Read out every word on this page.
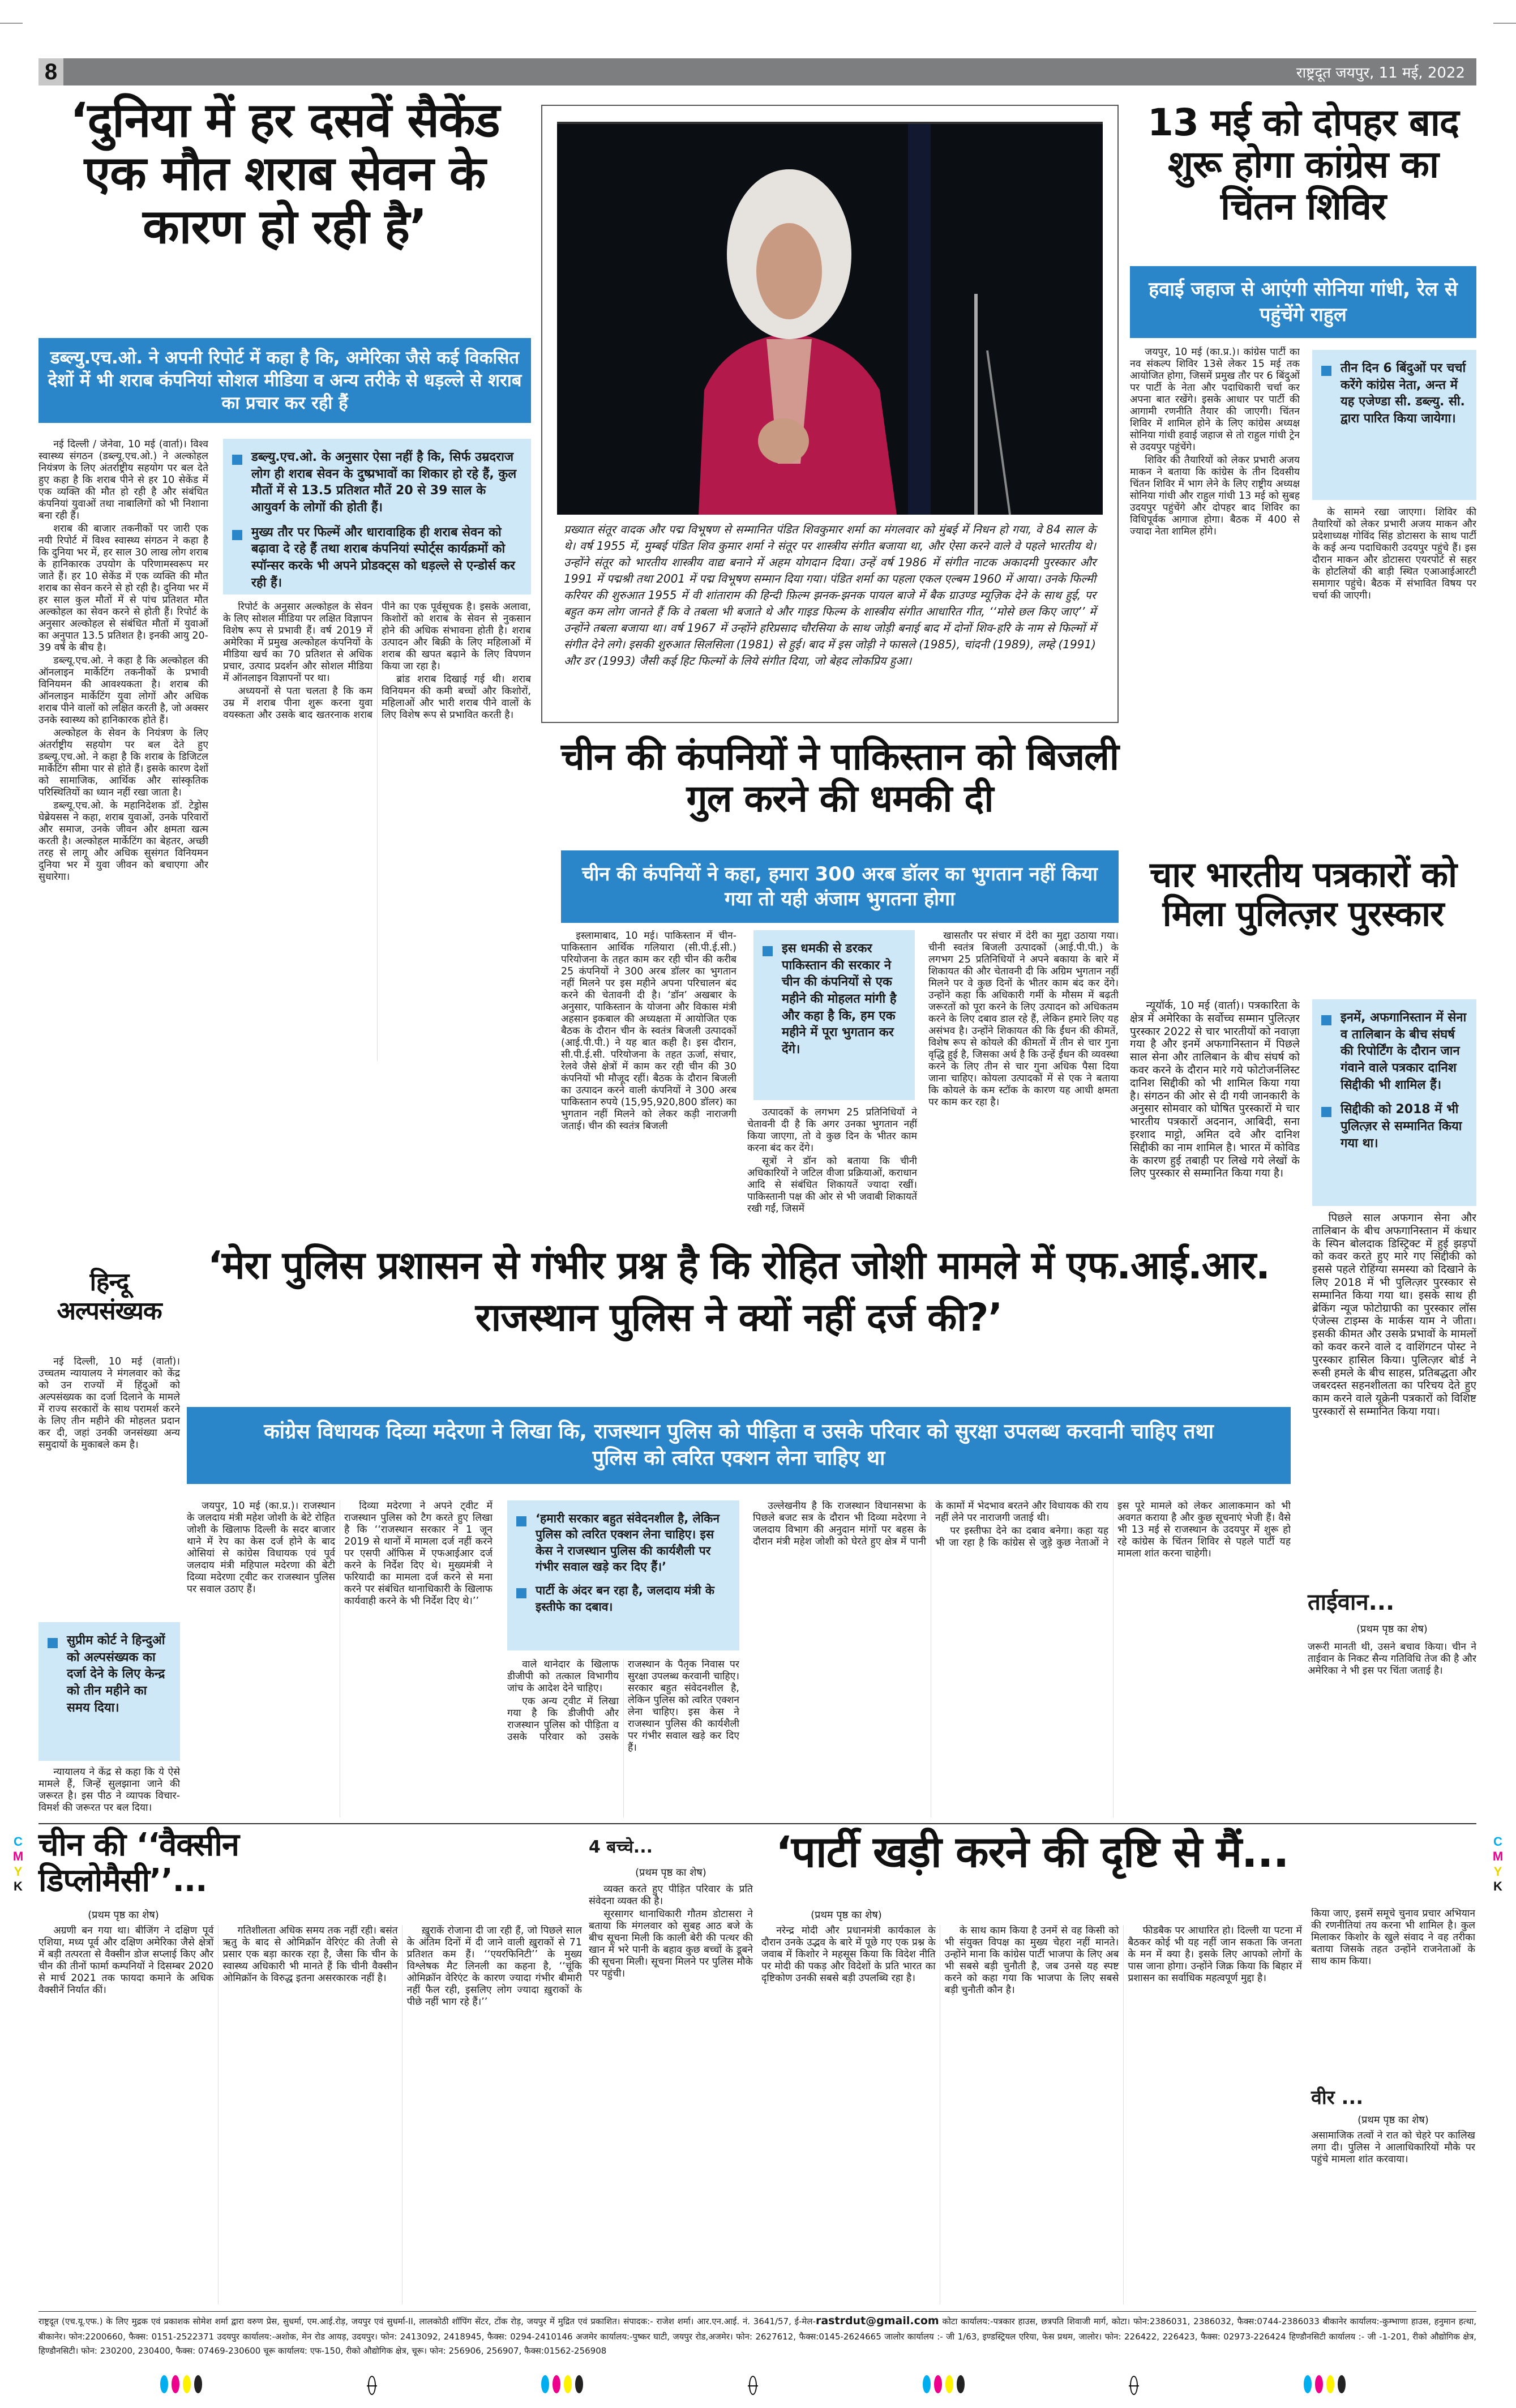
8	राष्ट्रदूत जयपुर, 11 मई, 2022
‘दुनिया में हर दसवें सैकेंड एक मौत शराब सेवन के कारण हो रही है’
डब्ल्यु.एच.ओ. ने अपनी रिपोर्ट में कहा है कि, अमेरिका जैसे कई विकसित देशों में भी शराब कंपनियां सोशल मीडिया व अन्य तरीके से धड़ल्ले से शराब का प्रचार कर रही हैं

नई दिल्ली / जेनेवा, 10 मई (वार्ता)। विश्व स्वास्थ्य संगठन (डब्ल्यू.एच.ओ.) ने अल्कोहल नियंत्रण के लिए अंतर्राष्ट्रीय सहयोग पर बल देते हुए कहा है कि शराब पीने से हर 10 सेकेंड में एक व्यक्ति की मौत हो रही है और संबंधित कंपनियां युवाओं तथा नाबालिगों को भी निशाना बना रही हैं।

शराब की बाजार तकनीकों पर जारी एक नयी रिपोर्ट में विश्व स्वास्थ्य संगठन ने कहा है कि दुनिया भर में, हर साल 30 लाख लोग शराब के हानिकारक उपयोग के परिणामस्वरूप मर जाते हैं। हर 10 सेकेंड में एक व्यक्ति की मौत शराब का सेवन करने से हो रही है। दुनिया भर में हर साल कुल मौतों में से पांच प्रतिशत मौत अल्कोहल का सेवन करने से होती हैं। रिपोर्ट के अनुसार अल्कोहल से संबंधित मौतों में युवाओं का अनुपात 13.5 प्रतिशत है। इनकी आयु 20-39 वर्ष के बीच है।

डब्ल्यू.एच.ओ. ने कहा है कि अल्कोहल की ऑनलाइन मार्केटिंग तकनीकों के प्रभावी विनियमन की आवश्यकता है। शराब की ऑनलाइन मार्केटिंग युवा लोगों और अधिक शराब पीने वालों को लक्षित करती है, जो अक्सर उनके स्वास्थ्य को हानिकारक होते हैं।

अल्कोहल के सेवन के नियंत्रण के लिए अंतर्राष्ट्रीय सहयोग पर बल देते हुए डब्ल्यू.एच.ओ. ने कहा है कि शराब के डिजिटल मार्केटिंग सीमा पार से होते हैं। इसके कारण देशों को सामाजिक, आर्थिक और सांस्कृतिक परिस्थितियों का ध्यान नहीं रखा जाता है।

डब्ल्यू.एच.ओ. के महानिदेशक डॉ. टेड्रोस घेब्रेयसस ने कहा, शराब युवाओं, उनके परिवारों और समाज, उनके जीवन और क्षमता खत्म करती है। अल्कोहल मार्केटिंग का बेहतर, अच्छी तरह से लागू और अधिक सुसंगत विनियमन दुनिया भर में युवा जीवन को बचाएगा और सुधारेगा।

डब्ल्यु.एच.ओ. के अनुसार ऐसा नहीं है कि, सिर्फ उम्रदराज लोग ही शराब सेवन के दुष्प्रभावों का शिकार हो रहे हैं, कुल मौतों में से 13.5 प्रतिशत मौतें 20 से 39 साल के आयुवर्ग के लोगों की होती हैं।
मुख्य तौर पर फिल्में और धारावाहिक ही शराब सेवन को बढ़ावा दे रहे हैं तथा शराब कंपनियां स्पोर्ट्स कार्यक्रमों को स्पॉन्सर करके भी अपने प्रोडक्ट्स को धड़ल्ले से एन्डोर्स कर रही हैं।

रिपोर्ट के अनुसार अल्कोहल के सेवन के लिए सोशल मीडिया पर लक्षित विज्ञापन विशेष रूप से प्रभावी हैं। वर्ष 2019 में अमेरिका में प्रमुख अल्कोहल कंपनियों के मीडिया खर्च का 70 प्रतिशत से अधिक प्रचार, उत्पाद प्रदर्शन और सोशल मीडिया में ऑनलाइन विज्ञापनों पर था।

अध्ययनों से पता चलता है कि कम उम्र में शराब पीना शुरू करना युवा वयस्कता और उसके बाद खतरनाक शराब पीने का एक पूर्वसूचक है। इसके अलावा, किशोरों को शराब के सेवन से नुकसान होने की अधिक संभावना होती है। शराब उत्पादन और बिक्री के लिए महिलाओं में शराब की खपत बढ़ाने के लिए विपणन किया जा रहा है।

ब्रांड शराब दिखाई गई थी। शराब विनियमन की कमी बच्चों और किशोरों, महिलाओं और भारी शराब पीने वालों के लिए विशेष रूप से प्रभावित करती है।

प्रख्यात संतूर वादक और पद्म विभूषण से सम्मानित पंडित शिवकुमार शर्मा का मंगलवार को मुंबई में निधन हो गया, वे 84 साल के थे। वर्ष 1955 में, मुम्बई पंडित शिव कुमार शर्मा ने संतूर पर शास्त्रीय संगीत बजाया था, और ऐसा करने वाले वे पहले भारतीय थे। उन्होंने संतूर को भारतीय शास्त्रीय वाद्य बनाने में अहम योगदान दिया। उन्हें वर्ष 1986 में संगीत नाटक अकादमी पुरस्कार और 1991 में पद्मश्री तथा 2001 में पद्म विभूषण सम्मान दिया गया। पंडित शर्मा का पहला एकल एल्बम 1960 में आया। उनके फिल्मी करियर की शुरुआत 1955 में वी शांताराम की हिन्दी फ़िल्म झनक-झनक पायल बाजे में बैक ग्राउण्ड म्यूज़िक देने के साथ हुई, पर बहुत कम लोग जानते हैं कि वे तबला भी बजाते थे और गाइड फिल्म के शास्त्रीय संगीत आधारित गीत, ‘‘मोसे छल किए जाए’’ में उन्होंने तबला बजाया था। वर्ष 1967 में उन्होंने हरिप्रसाद चौरसिया के साथ जोड़ी बनाई बाद में दोनों शिव-हरि के नाम से फिल्मों में संगीत देने लगे। इसकी शुरुआत सिलसिला (1981) से हुई। बाद में इस जोड़ी ने फासले (1985), चांदनी (1989), लम्हे (1991) और डर (1993) जैसी कई हिट फिल्मों के लिये संगीत दिया, जो बेहद लोकप्रिय हुआ।
13 मई को दोपहर बाद शुरू होगा कांग्रेस का चिंतन शिविर
हवाई जहाज से आएंगी सोनिया गांधी, रेल से पहुंचेंगे राहुल

जयपुर, 10 मई (का.प्र.)। कांग्रेस पार्टी का नव संकल्प शिविर 13से लेकर 15 मई तक आयोजित होगा, जिसमें प्रमुख तौर पर 6 बिंदुओं पर पार्टी के नेता और पदाधिकारी चर्चा कर अपना बात रखेंगे। इसके आधार पर पार्टी की आगामी रणनीति तैयार की जाएगी। चिंतन शिविर में शामिल होने के लिए कांग्रेस अध्यक्ष सोनिया गांधी हवाई जहाज से तो राहुल गांधी ट्रेन से उदयपुर पहुंचेंगे।

शिविर की तैयारियों को लेकर प्रभारी अजय माकन ने बताया कि कांग्रेस के तीन दिवसीय चिंतन शिविर में भाग लेने के लिए राष्ट्रीय अध्यक्ष सोनिया गांधी और राहुल गांधी 13 मई को सुबह उदयपुर पहुंचेंगे और दोपहर बाद शिविर का विधिपूर्वक आगाज होगा। बैठक में 400 से ज्यादा नेता शामिल होंगे।

तीन दिन 6 बिंदुओं पर चर्चा करेंगे कांग्रेस नेता, अन्त में यह एजेण्डा सी. डब्ल्यु. सी. द्वारा पारित किया जायेगा।

के सामने रखा जाएगा। शिविर की तैयारियों को लेकर प्रभारी अजय माकन और प्रदेशाध्यक्ष गोविंद सिंह डोटासरा के साथ पार्टी के कई अन्य पदाधिकारी उदयपुर पहुंचे हैं। इस दौरान माकन और डोटासरा एयरपोर्ट से सहर के होटलियों की बाड़ी स्थित एआआईआरटी समागार पहुंचे। बैठक में संभावित विषय पर चर्चा की जाएगी।

चीन की कंपनियों ने पाकिस्तान को बिजली गुल करने की धमकी दी
चीन की कंपनियों ने कहा, हमारा 300 अरब डॉलर का भुगतान नहीं किया गया तो यही अंजाम भुगतना होगा

इस्लामाबाद, 10 मई। पाकिस्तान में चीन-पाकिस्तान आर्थिक गलियारा (सी.पी.ई.सी.) परियोजना के तहत काम कर रही चीन की करीब 25 कंपनियों ने 300 अरब डॉलर का भुगतान नहीं मिलने पर इस महीने अपना परिचालन बंद करने की चेतावनी दी है। ‘डॉन’ अखबार के अनुसार, पाकिस्तान के योजना और विकास मंत्री अहसान इकबाल की अध्यक्षता में आयोजित एक बैठक के दौरान चीन के स्वतंत्र बिजली उत्पादकों (आई.पी.पी.) ने यह बात कही है। इस दौरान, सी.पी.ई.सी. परियोजना के तहत ऊर्जा, संचार, रेलवे जैसे क्षेत्रों में काम कर रही चीन की 30 कंपनियों भी मौजूद रहीं। बैठक के दौरान बिजली का उत्पादन करने वाली कंपनियों ने 300 अरब पाकिस्तान रुपये (15,95,920,800 डॉलर) का भुगतान नहीं मिलने को लेकर कड़ी नाराजगी जताई। चीन की स्वतंत्र बिजली

इस धमकी से डरकर पाकिस्तान की सरकार ने चीन की कंपनियों से एक महीने की मोहलत मांगी है और कहा है कि, हम एक महीने में पूरा भुगतान कर देंगे।

उत्पादकों के लगभग 25 प्रतिनिधियों ने चेतावनी दी है कि अगर उनका भुगतान नहीं किया जाएगा, तो वे कुछ दिन के भीतर काम करना बंद कर देंगे।

सूत्रों ने डॉन को बताया कि चीनी अधिकारियों ने जटिल वीजा प्रक्रियाओं, कराधान आदि से संबंधित शिकायतें ज्यादा रखीं। पाकिस्तानी पक्ष की ओर से भी जवाबी शिकायतें रखी गईं, जिसमें

खासतौर पर संचार में देरी का मुद्दा उठाया गया। चीनी स्वतंत्र बिजली उत्पादकों (आई.पी.पी.) के लगभग 25 प्रतिनिधियों ने अपने बकाया के बारे में शिकायत की और चेतावनी दी कि अग्रिम भुगतान नहीं मिलने पर वे कुछ दिनों के भीतर काम बंद कर देंगे। उन्होंने कहा कि अधिकारी गर्मी के मौसम में बढ़ती जरूरतों को पूरा करने के लिए उत्पादन को अधिकतम करने के लिए दबाव डाल रहे हैं, लेकिन हमारे लिए यह असंभव है। उन्होंने शिकायत की कि ईंधन की कीमतें, विशेष रूप से कोयले की कीमतों में तीन से चार गुना वृद्धि हुई है, जिसका अर्थ है कि उन्हें ईंधन की व्यवस्था करने के लिए तीन से चार गुना अधिक पैसा दिया जाना चाहिए। कोयला उत्पादकों में से एक ने बताया कि कोयले के कम स्टॉक के कारण यह आधी क्षमता पर काम कर रहा है।

चार भारतीय पत्रकारों को मिला पुलित्ज़र पुरस्कार

न्यूयॉर्क, 10 मई (वार्ता)। पत्रकारिता के क्षेत्र में अमेरिका के सर्वोच्च सम्मान पुलित्ज़र पुरस्कार 2022 से चार भारतीयों को नवाज़ा गया है और इनमें अफगानिस्तान में पिछले साल सेना और तालिबान के बीच संघर्ष को कवर करने के दौरान मारे गये फोटोजर्नलिस्ट दानिश सिद्दीकी को भी शामिल किया गया है। संगठन की ओर से दी गयी जानकारी के अनुसार सोमवार को घोषित पुरस्कारों मे चार भारतीय पत्रकारों अदनान, आबिदी, सना इरशाद माट्टो, अमित दवे और दानिश सिद्दीकी का नाम शामिल है। भारत में कोविड के कारण हुई तबाही पर लिखे गये लेखों के लिए पुरस्कार से सम्मानित किया गया है।

इनमें, अफगानिस्तान में सेना व तालिबान के बीच संघर्ष की रिपोर्टिंग के दौरान जान गंवाने वाले पत्रकार दानिश सिद्दीकी भी शामिल हैं।
सिद्दीकी को 2018 में भी पुलित्ज़र से सम्मानित किया गया था।

पिछले साल अफगान सेना और तालिबान के बीच अफगानिस्तान में कंधार के स्पिन बोलदाक डिस्ट्रिक्ट में हुई झड़पों को कवर करते हुए मारे गए सिद्दीकी को इससे पहले रोहिंग्या समस्या को दिखाने के लिए 2018 में भी पुलित्ज़र पुरस्कार से सम्मानित किया गया था। इसके साथ ही ब्रेकिंग न्यूज फोटोग्राफी का पुरस्कार लॉस एंजेल्स टाइम्स के मार्कस याम ने जीता। इसकी कीमत और उसके प्रभावों के मामलों को कवर करने वाले द वाशिंगटन पोस्ट ने पुरस्कार हासिल किया। पुलित्ज़र बोर्ड ने रूसी हमले के बीच साहस, प्रतिबद्धता और जबरदस्त सहनशीलता का परिचय देते हुए काम करने वाले यूक्रेनी पत्रकारों को विशिष्ट पुरस्कारों से सम्मानित किया गया।

हिन्दू अल्पसंख्यक

नई दिल्ली, 10 मई (वार्ता)। उच्चतम न्यायालय ने मंगलवार को केंद्र को उन राज्यों में हिंदुओं को अल्पसंख्यक का दर्जा दिलाने के मामले में राज्य सरकारों के साथ परामर्श करने के लिए तीन महीने की मोहलत प्रदान कर दी, जहां उनकी जनसंख्या अन्य समुदायों के मुकाबले कम है।

सुप्रीम कोर्ट ने हिन्दुओं को अल्पसंख्यक का दर्जा देने के लिए केन्द्र को तीन महीने का समय दिया।

न्यायालय ने केंद्र से कहा कि ये ऐसे मामले हैं, जिन्हें सुलझाना जाने की जरूरत है। इस पीठ ने व्यापक विचार-विमर्श की जरूरत पर बल दिया।

‘मेरा पुलिस प्रशासन से गंभीर प्रश्न है कि रोहित जोशी मामले में एफ.आई.आर. राजस्थान पुलिस ने क्यों नहीं दर्ज की?’
कांग्रेस विधायक दिव्या मदेरणा ने लिखा कि, राजस्थान पुलिस को पीड़िता व उसके परिवार को सुरक्षा उपलब्ध करवानी चाहिए तथा पुलिस को त्वरित एक्शन लेना चाहिए था

जयपुर, 10 मई (का.प्र.)। राजस्थान के जलदाय मंत्री महेश जोशी के बेटे रोहित जोशी के खिलाफ दिल्ली के सदर बाजार थाने में रेप का केस दर्ज होने के बाद ओसियां से कांग्रेस विधायक एवं पूर्व जलदाय मंत्री महिपाल मदेरणा की बेटी दिव्या मदेरणा ट्वीट कर राजस्थान पुलिस पर सवाल उठाए हैं।

दिव्या मदेरणा ने अपने ट्वीट में राजस्थान पुलिस को टैग करते हुए लिखा है कि ‘‘राजस्थान सरकार ने 1 जून 2019 से थानों में मामला दर्ज नहीं करने पर एसपी ऑफिस में एफआईआर दर्ज करने के निर्देश दिए थे। मुख्यमंत्री ने फरियादी का मामला दर्ज करने से मना करने पर संबंधित थानाधिकारी के खिलाफ कार्यवाही करने के भी निर्देश दिए थे।’’

‘हमारी सरकार बहुत संवेदनशील है, लेकिन पुलिस को त्वरित एक्शन लेना चाहिए। इस केस ने राजस्थान पुलिस की कार्यशैली पर गंभीर सवाल खड़े कर दिए हैं।’
पार्टी के अंदर बन रहा है, जलदाय मंत्री के इस्तीफे का दबाव।

वाले थानेदार के खिलाफ डीजीपी को तत्काल विभागीय जांच के आदेश देने चाहिए।

एक अन्य ट्वीट में लिखा गया है कि डीजीपी और राजस्थान पुलिस को पीड़िता व उसके परिवार को उसके राजस्थान के पैतृक निवास पर सुरक्षा उपलब्ध करवानी चाहिए। सरकार बहुत संवेदनशील है, लेकिन पुलिस को त्वरित एक्शन लेना चाहिए। इस केस ने राजस्थान पुलिस की कार्यशैली पर गंभीर सवाल खड़े कर दिए हैं।

उल्लेखनीय है कि राजस्थान विधानसभा के पिछले बजट सत्र के दौरान भी दिव्या मदेरणा ने जलदाय विभाग की अनुदान मांगों पर बहस के दौरान मंत्री महेश जोशी को घेरते हुए क्षेत्र में पानी के कामों में भेदभाव बरतने और विधायक की राय नहीं लेने पर नाराजगी जताई थी।

पर इस्तीफा देने का दबाव बनेगा। कहा यह भी जा रहा है कि कांग्रेस से जुड़े कुछ नेताओं ने इस पूरे मामले को लेकर आलाकमान को भी अवगत कराया है और कुछ सूचनाएं भेजी हैं। वैसे भी 13 मई से राजस्थान के उदयपुर में शुरू हो रहे कांग्रेस के चिंतन शिविर से पहले पार्टी यह मामला शांत करना चाहेगी।

ताईवान...
(प्रथम पृष्ठ का शेष)
जरूरी मानती थी, उसने बचाव किया। चीन ने ताईवान के निकट सैन्य गतिविधि तेज की है और अमेरिका ने भी इस पर चिंता जताई है।
C
M
Y
K
C
M
Y
K
चीन की ‘‘वैक्सीन डिप्लोमैसी’’...
(प्रथम पृष्ठ का शेष)

अग्रणी बन गया था। बीजिंग ने दक्षिण पूर्व एशिया, मध्य पूर्व और दक्षिण अमेरिका जैसे क्षेत्रों में बड़ी तत्परता से वैक्सीन डोज सप्लाई किए और चीन की तीनों फार्मा कम्पनियों ने दिसम्बर 2020 से मार्च 2021 तक फायदा कमाने के अधिक वैक्सीनें निर्यात कीं।

गतिशीलता अधिक समय तक नहीं रही। बसंत ऋतु के बाद से ओमिक्रॉन वेरिएंट की तेजी से प्रसार एक बड़ा कारक रहा है, जैसा कि चीन के स्वास्थ्य अधिकारी भी मानते हैं कि चीनी वैक्सीन ओमिक्रॉन के विरुद्ध इतना असरकारक नहीं है।

ख़ुराकें रोजाना दी जा रही हैं, जो पिछले साल के अंतिम दिनों में दी जाने वाली ख़ुराकों से 71 प्रतिशत कम हैं। ‘‘एयरफिनिटी’’ के मुख्य विश्लेषक मैट लिनली का कहना है, ‘‘चूंकि ओमिक्रॉन वेरिएंट के कारण ज्यादा गंभीर बीमारी नहीं फैल रही, इसलिए लोग ज्यादा ख़ुराकों के पीछे नहीं भाग रहे हैं।’’

4 बच्चे...
(प्रथम पृष्ठ का शेष)

व्यक्त करते हुए पीड़ित परिवार के प्रति संवेदना व्यक्त की है।

सूरसागर थानाधिकारी गौतम डोटासरा ने बताया कि मंगलवार को सुबह आठ बजे के बीच सूचना मिली कि काली बेरी की पत्थर की खान में भरे पानी के बहाव कुछ बच्चों के डूबने की सूचना मिली। सूचना मिलने पर पुलिस मौके पर पहुंची।

‘पार्टी खड़ी करने की दृष्टि से मैं...
(प्रथम पृष्ठ का शेष)

नरेन्द्र मोदी और प्रधानमंत्री कार्यकाल के दौरान उनके उद्भव के बारे में पूछे गए एक प्रश्न के जवाब में किशोर ने महसूस किया कि विदेश नीति पर मोदी की पकड़ और विदेशों के प्रति भारत का दृष्टिकोण उनकी सबसे बड़ी उपलब्धि रहा है।

के साथ काम किया है उनमें से वह किसी को भी संयुक्त विपक्ष का मुख्य चेहरा नहीं मानते। उन्होंने माना कि कांग्रेस पार्टी भाजपा के लिए अब भी सबसे बड़ी चुनौती है, जब उनसे यह स्पष्ट करने को कहा गया कि भाजपा के लिए सबसे बड़ी चुनौती कौन है।

फीडबैक पर आधारित हो। दिल्ली या पटना में बैठकर कोई भी यह नहीं जान सकता कि जनता के मन में क्या है। इसके लिए आपको लोगों के पास जाना होगा। उन्होंने जिक्र किया कि बिहार में प्रशासन का सर्वाधिक महत्वपूर्ण मुद्दा है।

किया जाए, इसमें समूचे चुनाव प्रचार अभियान की रणनीतियां तय करना भी शामिल है। कुल मिलाकर किशोर के खुले संवाद ने वह तरीका बताया जिसके तहत उन्होंने राजनेताओं के साथ काम किया।
वीर ...
(प्रथम पृष्ठ का शेष)
असामाजिक तत्वों ने रात को चेहरे पर कालिख लगा दी। पुलिस ने आलाधिकारियों मौके पर पहुंचे मामला शांत करवाया।
राष्ट्रदूत (एच.यू.एफ.) के लिए मुद्रक एवं प्रकाशक सोमेश शर्मा द्वारा वरुण प्रेस, सुधर्मा, एम.आई.रोड़, जयपुर एवं सुधर्मा-II, लालकोठी शॉपिंग सेंटर, टोंक रोड़, जयपुर में मुद्रित एवं प्रकाशित। संपादक:- राजेश शर्मा। आर.एन.आई. नं. 3641/57, ई-मेल-rastrdut@gmail.com कोटा कार्यालय:-पत्रकार हाउस, छत्रपति शिवाजी मार्ग, कोटा। फोन:2386031, 2386032, फैक्स:0744-2386033 बीकानेर कार्यालय:-कुम्भाणा हाउस, हनुमान हत्था, बीकानेर। फोन:2200660, फैक्स: 0151-2522371 उदयपुर कार्यालय:-अशोक, मेन रोड आयड़, उदयपुर। फोन: 2413092, 2418945, फैक्स: 0294-2410146 अजमेर कार्यालय:-पुष्कर घाटी, जयपुर रोड,अजमेर। फोन: 2627612, फैक्स:0145-2624665 जालोर कार्यालय :- जी 1/63, इण्डस्ट्रियल एरिया, फेस प्रथम, जालोर। फोन: 226422, 226423, फैक्स: 02973-226424 हिण्डौनसिटी कार्यालय :- जी -1-201, रीको औद्योगिक क्षेत्र, हिण्डौनसिटी। फोन: 230200, 230400, फैक्स: 07469-230600 चूरू कार्यालय: एफ-150, रीको औद्योगिक क्षेत्र, चूरू। फोन: 256906, 256907, फैक्स:01562-256908
